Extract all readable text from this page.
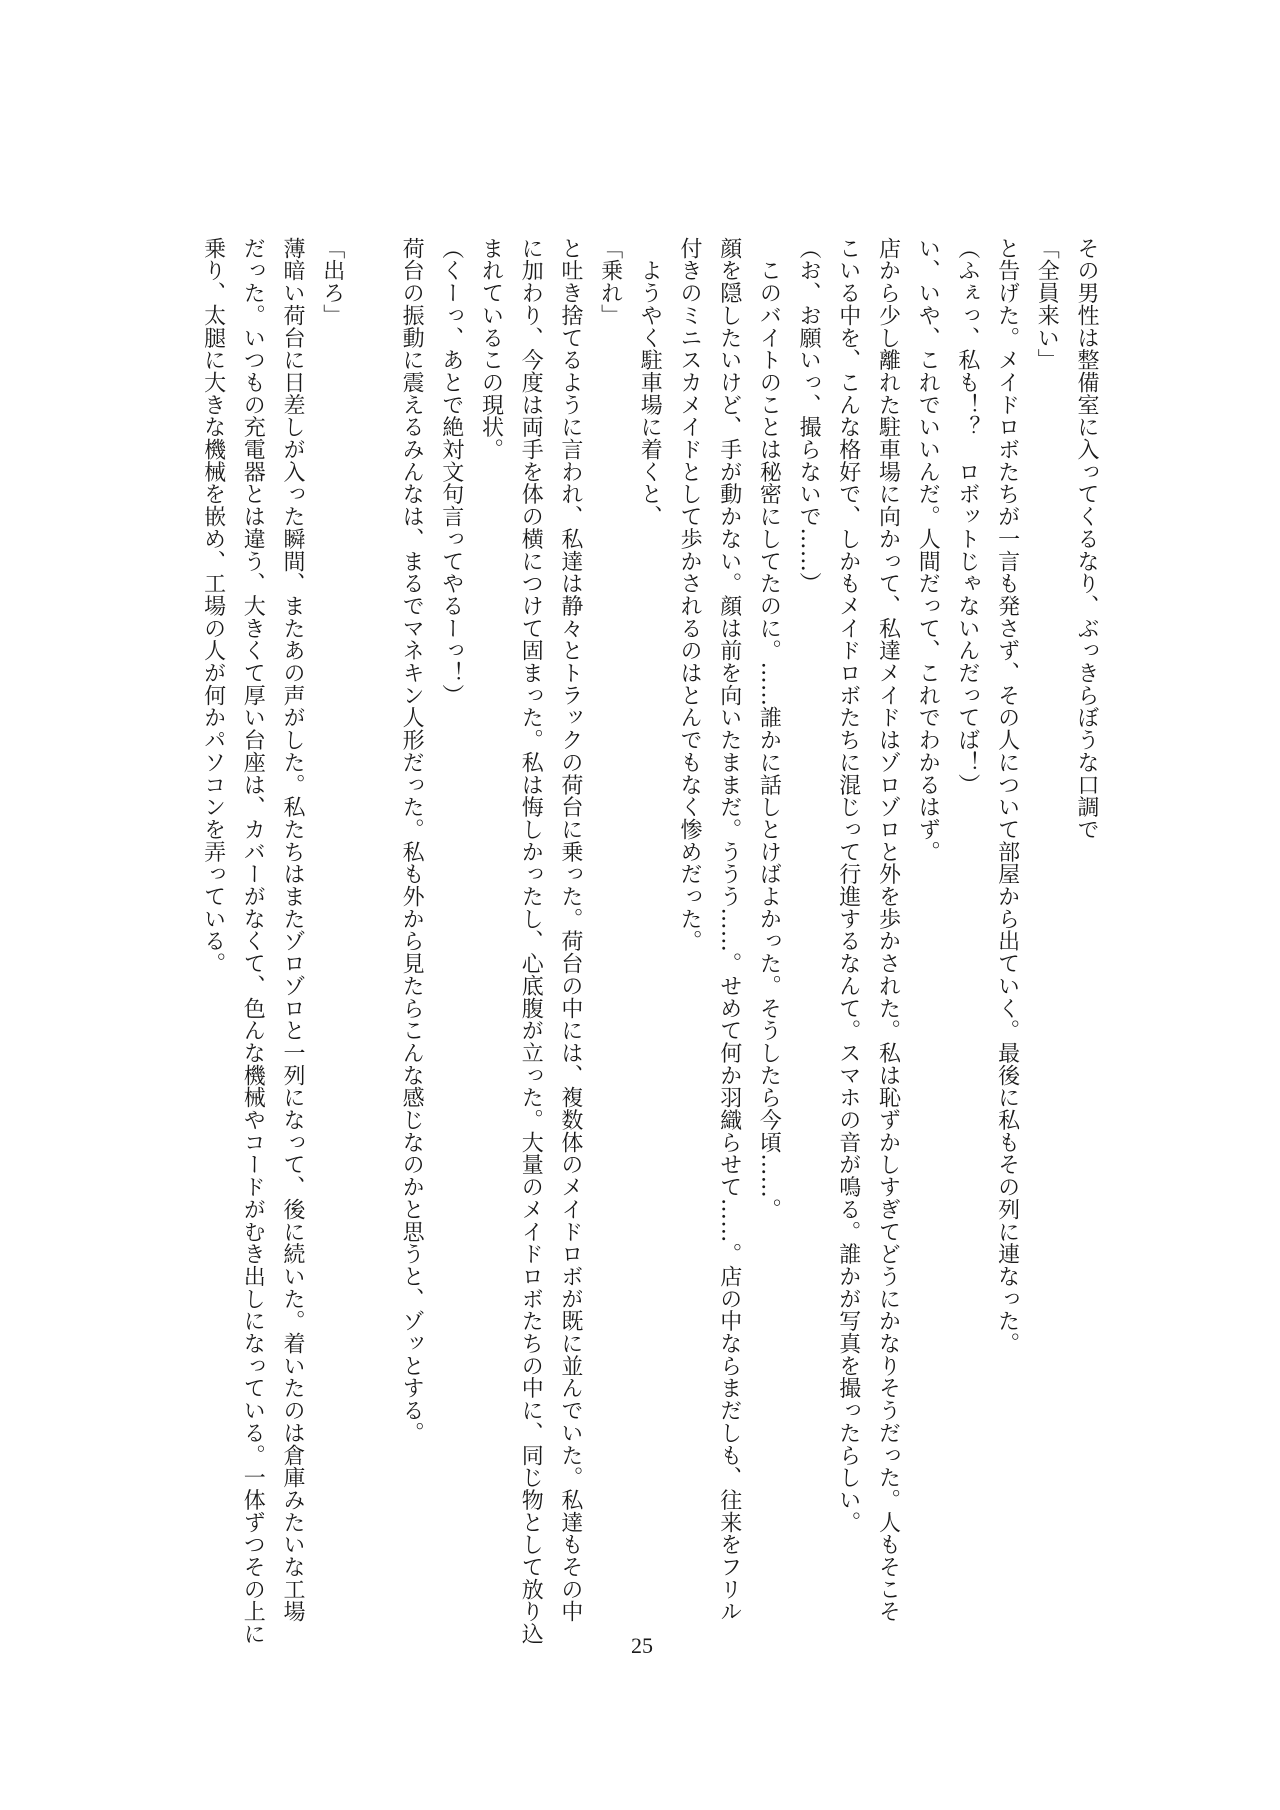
その男性は整備室に入ってくるなり、ぶっきらぼうな口調で
「全員来い」
と告げた。メイドロボたちが一言も発さず、その人について部屋から出ていく。最後に私もその列に連なった。
（ふぇっ、私も！？　ロボットじゃないんだってば！）
い、いや、これでいいんだ。人間だって、これでわかるはず。
店から少し離れた駐車場に向かって、私達メイドはゾロゾロと外を歩かされた。私は恥ずかしすぎてどうにかなりそうだった。人もそこそ
こいる中を、こんな格好で、しかもメイドロボたちに混じって行進するなんて。スマホの音が鳴る。誰かが写真を撮ったらしい。
（お、お願いっ、撮らないで……）
　このバイトのことは秘密にしてたのに。……誰かに話しとけばよかった。そうしたら今頃……。
顔を隠したいけど、手が動かない。顔は前を向いたままだ。ううう……。せめて何か羽織らせて……。店の中ならまだしも、往来をフリル
付きのミニスカメイドとして歩かされるのはとんでもなく惨めだった。
　ようやく駐車場に着くと、
「乗れ」
と吐き捨てるように言われ、私達は静々とトラックの荷台に乗った。荷台の中には、複数体のメイドロボが既に並んでいた。私達もその中
に加わり、今度は両手を体の横につけて固まった。私は悔しかったし、心底腹が立った。大量のメイドロボたちの中に、同じ物として放り込
まれているこの現状。
（くーっ、あとで絶対文句言ってやるーっ！）
荷台の振動に震えるみんなは、まるでマネキン人形だった。私も外から見たらこんな感じなのかと思うと、ゾッとする。
「出ろ」
薄暗い荷台に日差しが入った瞬間、またあの声がした。私たちはまたゾロゾロと一列になって、後に続いた。着いたのは倉庫みたいな工場
だった。いつもの充電器とは違う、大きくて厚い台座は、カバーがなくて、色んな機械やコードがむき出しになっている。一体ずつその上に
乗り、太腿に大きな機械を嵌め、工場の人が何かパソコンを弄っている。
25
